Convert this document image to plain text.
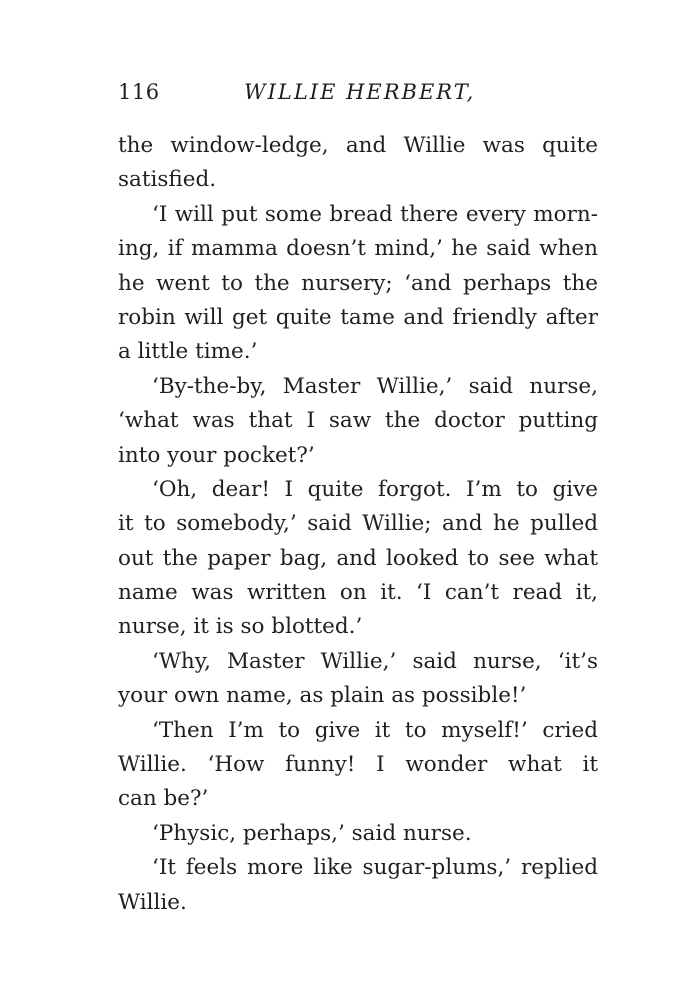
116	WILLIE HERBERT,
the window-ledge, and Willie was quite
satisfied.
‘I will put some bread there every morn-
ing, if mamma doesn’t mind,’ he said when
he went to the nursery; ‘and perhaps the
robin will get quite tame and friendly after
a little time.’
‘By-the-by, Master Willie,’ said nurse,
‘what was that I saw the doctor putting
into your pocket?’
‘Oh, dear! I quite forgot. I’m to give
it to somebody,’ said Willie; and he pulled
out the paper bag, and looked to see what
name was written on it. ‘I can’t read it,
nurse, it is so blotted.’
‘Why, Master Willie,’ said nurse, ‘it’s
your own name, as plain as possible!’
‘Then I’m to give it to myself!’ cried
Willie. ‘How funny! I wonder what it
can be?’
‘Physic, perhaps,’ said nurse.
‘It feels more like sugar-plums,’ replied
Willie.
